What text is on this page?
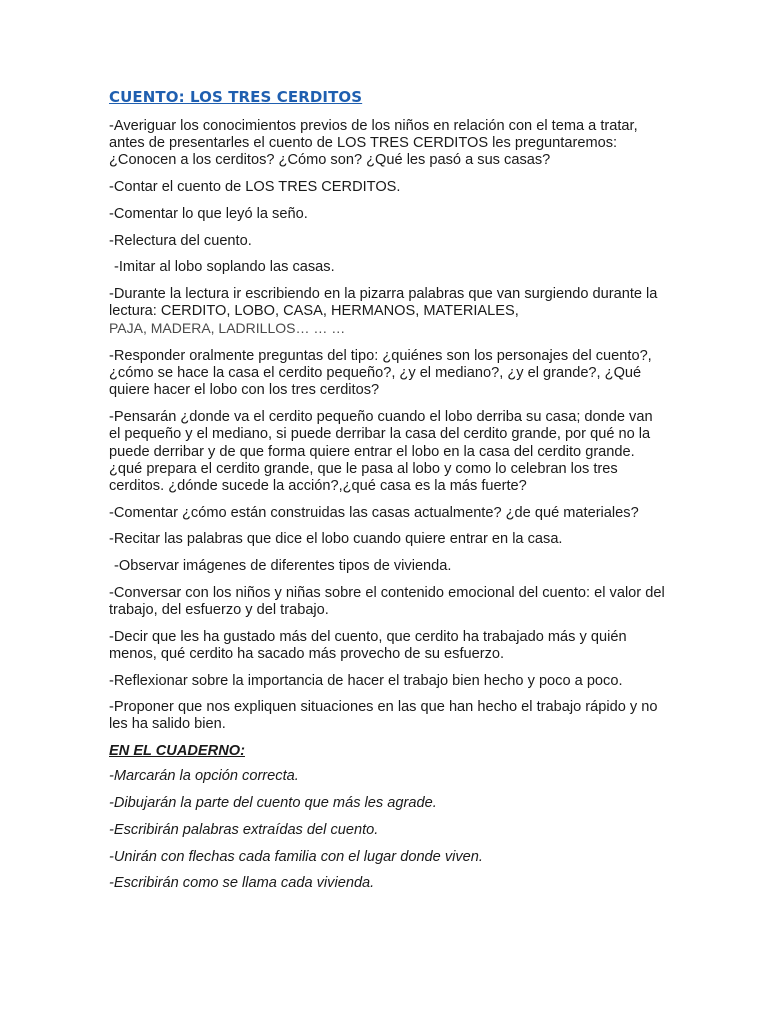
CUENTO: LOS TRES CERDITOS

-Averiguar los conocimientos previos de los niños en relación con el tema a tratar, antes de presentarles el cuento de LOS TRES CERDITOS les preguntaremos: ¿Conocen a los cerditos? ¿Cómo son? ¿Qué les pasó a sus casas?

-Contar el cuento de LOS TRES CERDITOS.

-Comentar lo que leyó la seño.

-Relectura del cuento.

-Imitar al lobo soplando las casas.

-Durante la lectura ir escribiendo en la pizarra palabras que van surgiendo durante la lectura: CERDITO, LOBO, CASA, HERMANOS, MATERIALES,
PAJA, MADERA, LADRILLOS… … …

-Responder oralmente preguntas del tipo: ¿quiénes son los personajes del cuento?, ¿cómo se hace la casa el cerdito pequeño?, ¿y el mediano?, ¿y el grande?, ¿Qué quiere hacer el lobo con los tres cerditos?

-Pensarán ¿donde va el cerdito pequeño cuando el lobo derriba su casa; donde van el pequeño y el mediano, si puede derribar la casa del cerdito grande, por qué no la puede derribar y de que forma quiere entrar el lobo en la casa del cerdito grande. ¿qué prepara el cerdito grande, que le pasa al lobo y como lo celebran los tres cerditos. ¿dónde sucede la acción?,¿qué casa es la más fuerte?

-Comentar ¿cómo están construidas las casas actualmente? ¿de qué materiales?

-Recitar las palabras que dice el lobo cuando quiere entrar en la casa.

-Observar imágenes de diferentes tipos de vivienda.

-Conversar con los niños y niñas sobre el contenido emocional del cuento: el valor del trabajo, del esfuerzo y del trabajo.

-Decir que les ha gustado más del cuento, que cerdito ha trabajado más y quién menos, qué cerdito ha sacado más provecho de su esfuerzo.

-Reflexionar sobre la importancia de hacer el trabajo bien hecho y poco a poco.

-Proponer que nos expliquen situaciones en las que han hecho el trabajo rápido y no les ha salido bien.

EN EL CUADERNO:

-Marcarán la opción correcta.

-Dibujarán la parte del cuento que más les agrade.

-Escribirán palabras extraídas del cuento.

-Unirán con flechas cada familia con el lugar donde viven.

-Escribirán como se llama cada vivienda.
